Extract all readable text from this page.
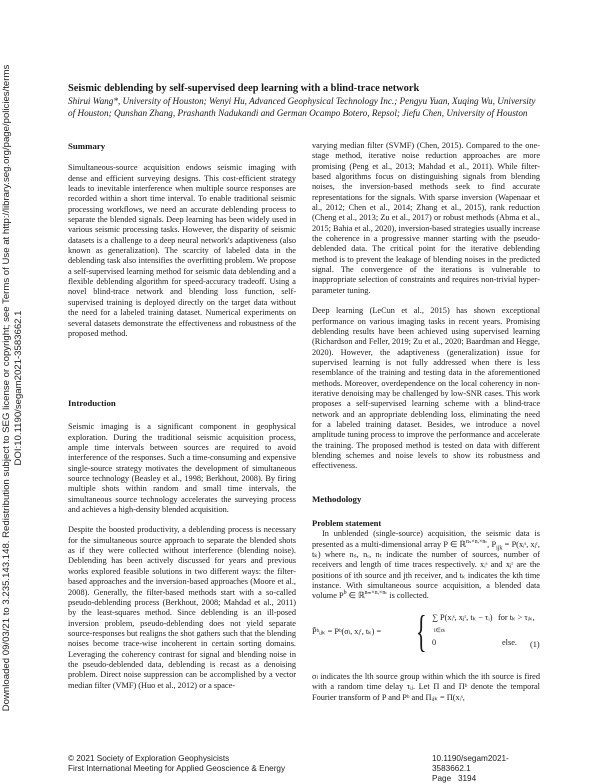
Downloaded 09/03/21 to 3.235.143.148. Redistribution subject to SEG license or copyright; see Terms of Use at http://library.seg.org/page/policies/terms DOI:10.1190/segam2021-3583662.1
Seismic deblending by self-supervised deep learning with a blind-trace network
Shirui Wang*, University of Houston; Wenyi Hu, Advanced Geophysical Technology Inc.; Pengyu Yuan, Xuqing Wu, University of Houston; Qunshan Zhang, Prashanth Nadukandi and German Ocampo Botero, Repsol; Jiefu Chen, University of Houston

Summary

Simultaneous-source acquisition endows seismic imaging with dense and efficient surveying designs. This cost-efficient strategy leads to inevitable interference when multiple source responses are recorded within a short time interval. To enable traditional seismic processing workflows, we need an accurate deblending process to separate the blended signals. Deep learning has been widely used in various seismic processing tasks. However, the disparity of seismic datasets is a challenge to a deep neural network's adaptiveness (also known as generalization). The scarcity of labeled data in the deblending task also intensifies the overfitting problem. We propose a self-supervised learning method for seismic data deblending and a flexible deblending algorithm for speed-accuracy tradeoff. Using a novel blind-trace network and blending loss function, self-supervised training is deployed directly on the target data without the need for a labeled training dataset. Numerical experiments on several datasets demonstrate the effectiveness and robustness of the proposed method.

Introduction

Seismic imaging is a significant component in geophysical exploration. During the traditional seismic acquisition process, ample time intervals between sources are required to avoid interference of the responses. Such a time-consuming and expensive single-source strategy motivates the development of simultaneous source technology (Beasley et al., 1998; Berkhout, 2008). By firing multiple shots within random and small time intervals, the simultaneous source technology accelerates the surveying process and achieves a high-density blended acquisition.

Despite the boosted productivity, a deblending process is necessary for the simultaneous source approach to separate the blended shots as if they were collected without interference (blending noise). Deblending has been actively discussed for years and previous works explored feasible solutions in two different ways: the filter-based approaches and the inversion-based approaches (Moore et al., 2008). Generally, the filter-based methods start with a so-called pseudo-deblending process (Berkhout, 2008; Mahdad et al., 2011) by the least-squares method. Since deblending is an ill-posed inversion problem, pseudo-deblending does not yield separate source-responses but realigns the shot gathers such that the blending noises become trace-wise incoherent in certain sorting domains. Leveraging the coherency contrast for signal and blending noise in the pseudo-deblended data, deblending is recast as a denoising problem. Direct noise suppression can be accomplished by a vector median filter (VMF) (Huo et al., 2012) or a space-

varying median filter (SVMF) (Chen, 2015). Compared to the one-stage method, iterative noise reduction approaches are more promising (Peng et al., 2013; Mahdad et al., 2011). While filter-based algorithms focus on distinguishing signals from blending noises, the inversion-based methods seek to find accurate representations for the signals. With sparse inversion (Wapenaar et al., 2012; Chen et al., 2014; Zhang et al., 2015), rank reduction (Cheng et al., 2013; Zu et al., 2017) or robust methods (Abma et al., 2015; Bahia et al., 2020), inversion-based strategies usually increase the coherence in a progressive manner starting with the pseudo-deblended data. The critical point for the iterative deblending method is to prevent the leakage of blending noises in the predicted signal. The convergence of the iterations is vulnerable to inappropriate selection of constraints and requires non-trivial hyper-parameter tuning.

Deep learning (LeCun et al., 2015) has shown exceptional performance on various imaging tasks in recent years. Promising deblending results have been achieved using supervised learning (Richardson and Feller, 2019; Zu et al., 2020; Baardman and Hegge, 2020). However, the adaptiveness (generalization) issue for supervised learning is not fully addressed when there is less resemblance of the training and testing data in the aforementioned methods. Moreover, overdependence on the local coherency in non-iterative denoising may be challenged by low-SNR cases. This work proposes a self-supervised learning scheme with a blind-trace network and an appropriate deblending loss, eliminating the need for a labeled training dataset. Besides, we introduce a novel amplitude tuning process to improve the performance and accelerate the training. The proposed method is tested on data with different blending schemes and noise levels to show its robustness and effectiveness.

Methodology

Problem statement

In unblended (single-source) acquisition, the seismic data is presented as a multi-dimensional array P ∈ ℝ$^{n_s\times nᵣ\times n_t}$, $P_{ijk}$ = P(xᵢˢ, xⱼʳ, tₖ) where nₛ, nᵣ, nₜ indicate the number of sources, number of receivers and length of time traces respectively. xᵢˢ and xⱼʳ are the positions of ith source and jth receiver, and tₖ indicates the kth time instance. With simultaneous source acquisition, a blended data volume $P^b$ ∈ ℝ$^{n_m\times nᵣ\times n_t}$ is collected.

P̃ᵇᵢⱼₖ = Pᵇ(σₗ, xⱼʳ, tₖ) = { ∑ P(xᵢˢ, xⱼʳ, tₖ − τᵢ)
$_{i\in\sigma_l}$
for tₖ > τᵢₖ,
0	else. (1)

σₗ indicates the lth source group within which the ith source is fired with a random time delay τᵢⱼ. Let Π and Πᵇ denote the temporal Fourier transform of P and Pᵇ and Πᵢⱼₖ = Π(xᵢˢ,

© 2021 Society of Exploration Geophysicists
First International Meeting for Applied Geoscience & Energy
10.1190/segam2021-3583662.1
Page 3194
